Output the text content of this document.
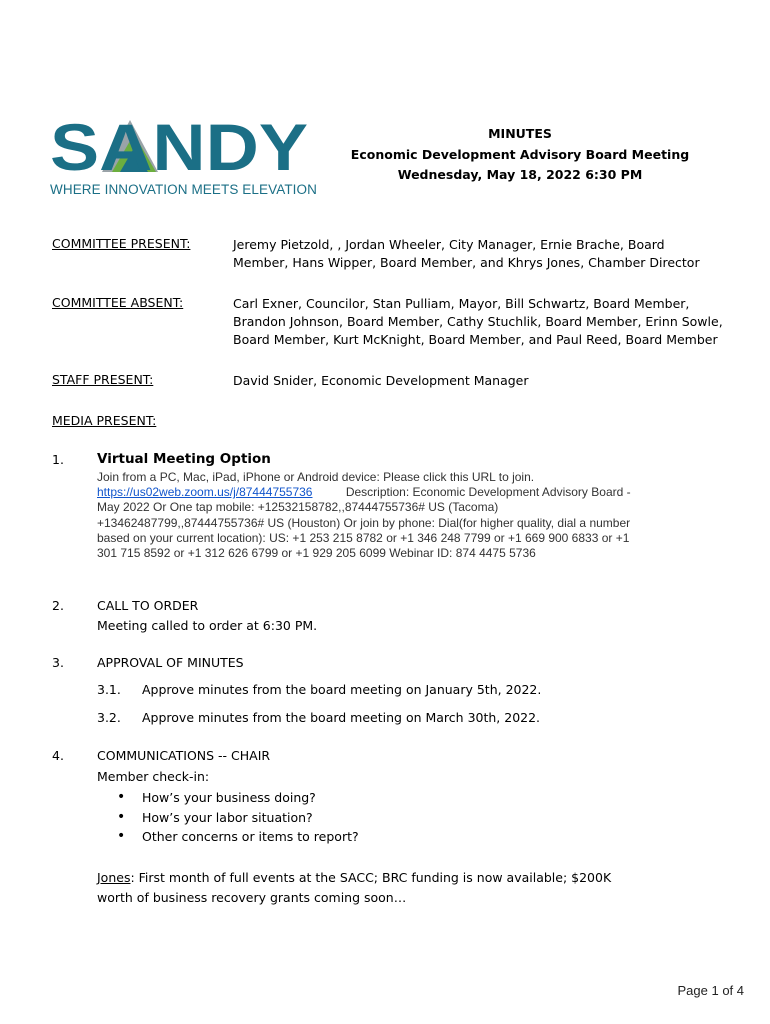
SANDY
WHERE INNOVATION MEETS ELEVATION
MINUTES
Economic Development Advisory Board Meeting
Wednesday, May 18, 2022 6:30 PM
COMMITTEE PRESENT:	Jeremy Pietzold, , Jordan Wheeler, City Manager, Ernie Brache, Board Member, Hans Wipper, Board Member, and Khrys Jones, Chamber Director
COMMITTEE ABSENT:	Carl Exner, Councilor, Stan Pulliam, Mayor, Bill Schwartz, Board Member, Brandon Johnson, Board Member, Cathy Stuchlik, Board Member, Erinn Sowle, Board Member, Kurt McKnight, Board Member, and Paul Reed, Board Member
STAFF PRESENT:	David Snider, Economic Development Manager
MEDIA PRESENT:
1. Virtual Meeting Option
Join from a PC, Mac, iPad, iPhone or Android device: Please click this URL to join.
https://us02web.zoom.us/j/87444755736	Description: Economic Development Advisory Board - May 2022 Or One tap mobile: +12532158782,,87444755736# US (Tacoma) +13462487799,,87444755736# US (Houston) Or join by phone: Dial(for higher quality, dial a number based on your current location): US: +1 253 215 8782 or +1 346 248 7799 or +1 669 900 6833 or +1 301 715 8592 or +1 312 626 6799 or +1 929 205 6099 Webinar ID: 874 4475 5736
2.	CALL TO ORDER
Meeting called to order at 6:30 PM.
3.	APPROVAL OF MINUTES
3.1. Approve minutes from the board meeting on January 5th, 2022.
3.2. Approve minutes from the board meeting on March 30th, 2022.
4.	COMMUNICATIONS -- CHAIR
Member check-in:
• How’s your business doing?
• How’s your labor situation?
• Other concerns or items to report?
Jones: First month of full events at the SACC; BRC funding is now available; $200K worth of business recovery grants coming soon…
Page 1 of 4
